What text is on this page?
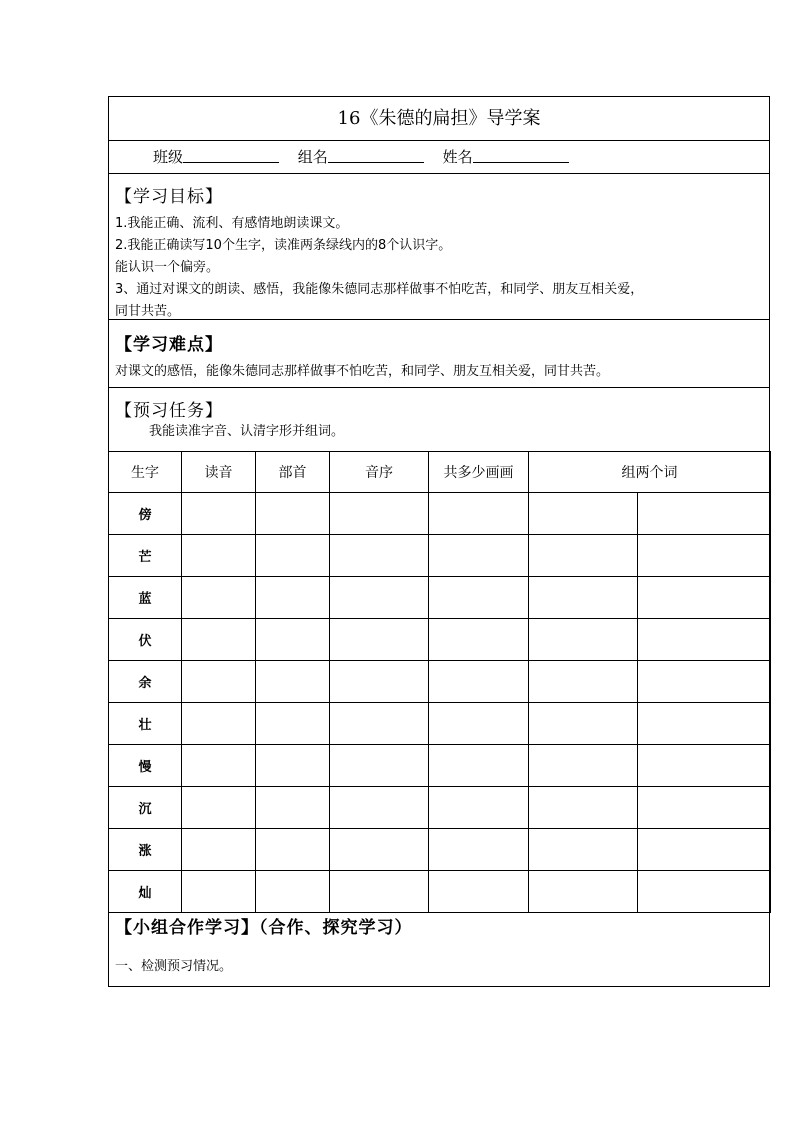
16《朱德的扁担》导学案
班级	组名	姓名
【学习目标】
1.我能正确、流利、有感情地朗读课文。
2.我能正确读写10个生字，读准两条绿线内的8个认识字。
能认识一个偏旁。
3、通过对课文的朗读、感悟，我能像朱德同志那样做事不怕吃苦，和同学、朋友互相关爱，
同甘共苦。
【学习难点】
对课文的感悟，能像朱德同志那样做事不怕吃苦，和同学、朋友互相关爱，同甘共苦。
【预习任务】
我能读准字音、认清字形并组词。
生字	读音	部首	音序	共多少画画	组两个词	
傍						
芒						
蓝						
伏						
余						
壮						
慢						
沉						
涨						
灿						
【小组合作学习】（合作、探究学习）
一、检测预习情况。
